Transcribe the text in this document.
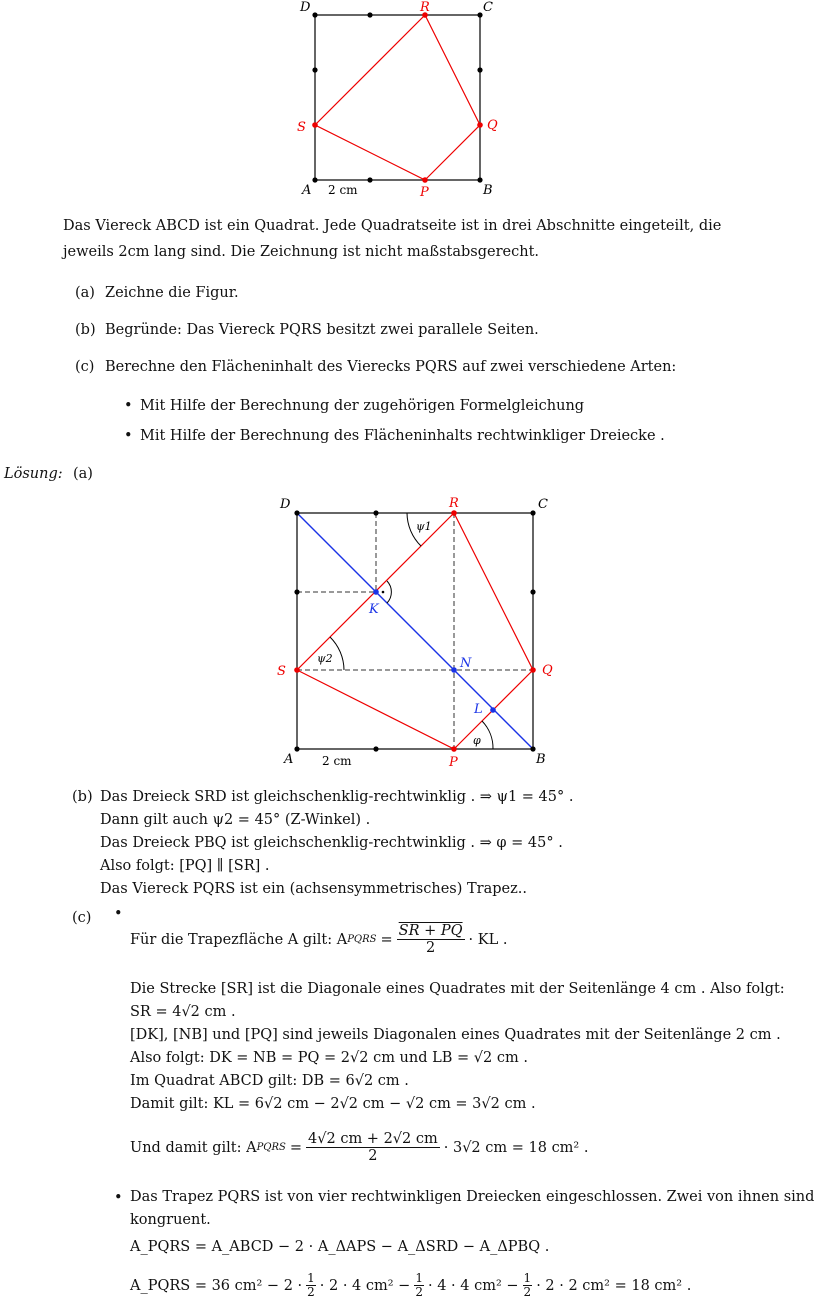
A	B
C
D
P
Q
R
S
2 cm
Das Viereck ABCD ist ein Quadrat. Jede Quadratseite ist in drei Abschnitte eingeteilt, die
jeweils 2cm lang sind. Die Zeichnung ist nicht maßstabsgerecht.
(a) Zeichne die Figur.
(b) Begründe: Das Viereck PQRS besitzt zwei parallele Seiten.
(c) Berechne den Flächeninhalt des Vierecks PQRS auf zwei verschiedene Arten:
• Mit Hilfe der Berechnung der zugehörigen Formelgleichung
• Mit Hilfe der Berechnung des Flächeninhalts rechtwinkliger Dreiecke .
Lösung: (a)
A	B
C
D
P
Q
R
S
K
N
L
ψ1
ψ2
φ
2 cm
(b) Das Dreieck SRD ist gleichschenklig-rechtwinklig . ⇒ ψ1 = 45° .
Dann gilt auch ψ2 = 45° (Z-Winkel) .
Das Dreieck PBQ ist gleichschenklig-rechtwinklig . ⇒ φ = 45° .
Also folgt: [PQ] ∥ [SR] .
Das Viereck PQRS ist ein (achsensymmetrisches) Trapez..
(c) •
Für die Trapezfläche A gilt: A PQRS = $\frac{SR + PQ}{2}$ · KL .
Die Strecke [SR] ist die Diagonale eines Quadrates mit der Seitenlänge 4 cm . Also folgt:
SR = 4√2 cm .
[DK], [NB] und [PQ] sind jeweils Diagonalen eines Quadrates mit der Seitenlänge 2 cm .
Also folgt: DK = NB = PQ = 2√2 cm und LB = √2 cm .
Im Quadrat ABCD gilt: DB = 6√2 cm .
Damit gilt: KL = 6√2 cm − 2√2 cm − √2 cm = 3√2 cm .
Und damit gilt: A PQRS = $\frac{4√2 cm + 2√2 cm}{2} \cdot 3√2$ cm = 18 cm² .
• Das Trapez PQRS ist von vier rechtwinkligen Dreiecken eingeschlossen. Zwei von ihnen sind
kongruent.
A_PQRS = A_ABCD − 2 · A_ΔAPS − A_ΔSRD − A_ΔPBQ .
A_PQRS = 36 $cm^2 - 2 \cdot \frac{1}{2} \cdot 2 \cdot 4$ $cm^2 - \frac{1}{2} \cdot 4 \cdot 4$ $cm^2 - \frac{1}{2} \cdot 2 \cdot 2$ cm² = 18 cm² .
